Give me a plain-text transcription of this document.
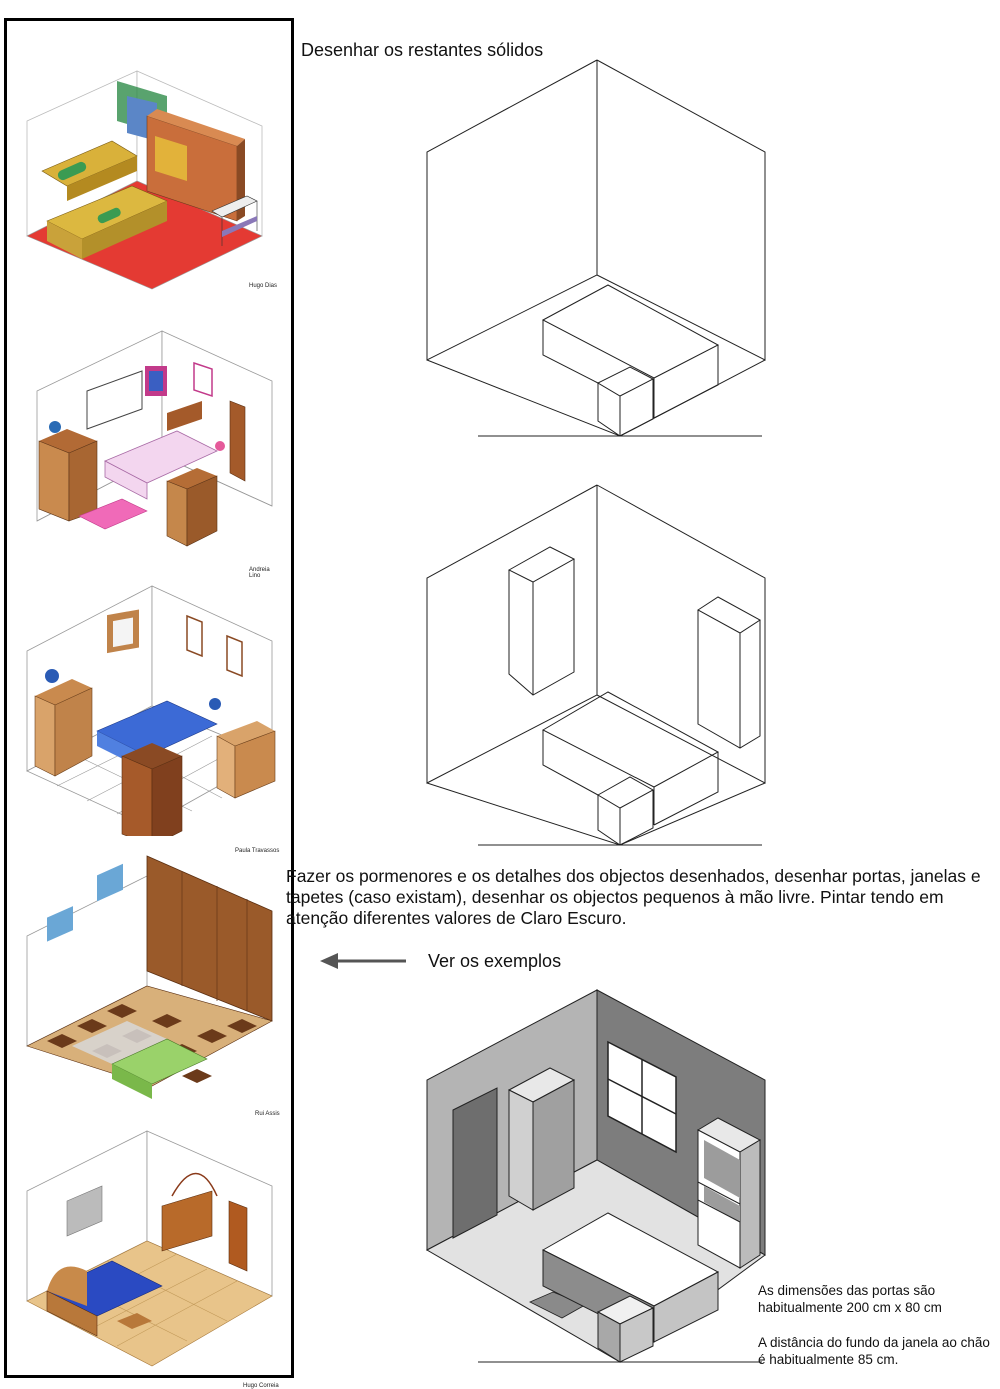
Hugo Dias
Andreia Lino
Paula Travassos
Rui Assis
Hugo Correia
Desenhar os restantes sólidos
Fazer os pormenores e os detalhes dos objectos desenhados, desenhar portas, janelas e tapetes (caso existam), desenhar os objectos pequenos à mão livre. Pintar tendo em atenção diferentes valores de Claro Escuro.
Ver os exemplos
As dimensões das portas são habitualmente 200 cm x 80 cm
A distância do fundo da janela ao chão é habitualmente 85 cm.
